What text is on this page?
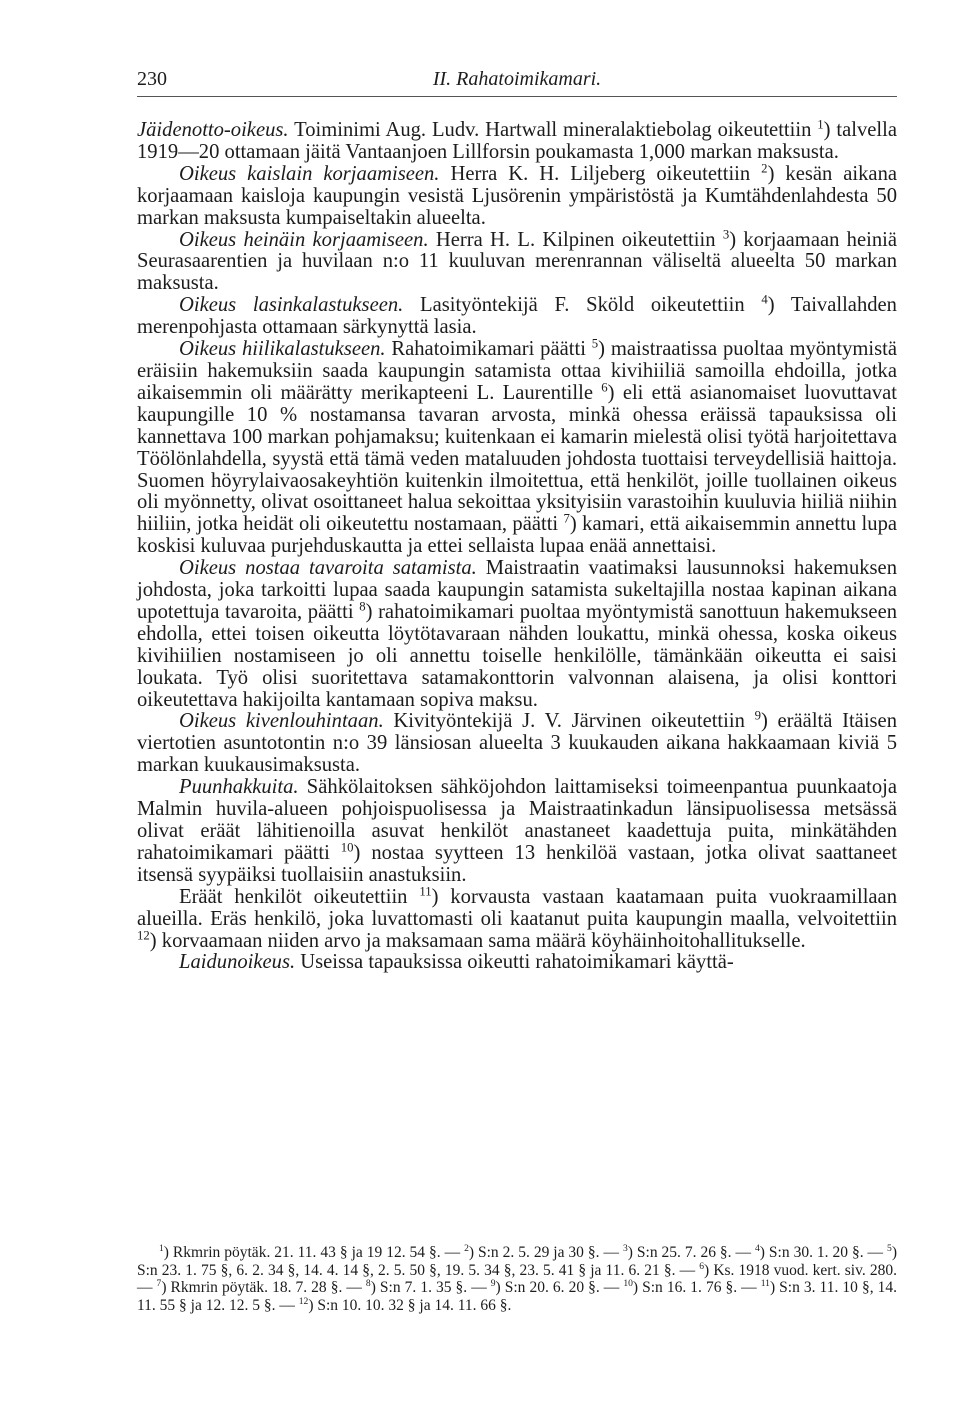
230	II. Rahatoimikamari.

Jäidenotto-oikeus. Toiminimi Aug. Ludv. Hartwall mineralaktiebolag oikeutettiin $^1$) talvella 1919—20 ottamaan jäitä Vantaanjoen Lillforsin poukamasta 1,000 markan maksusta.

Oikeus kaislain korjaamiseen. Herra K. H. Liljeberg oikeutettiin $^2$) kesän aikana korjaamaan kaisloja kaupungin vesistä Ljusörenin ympäristöstä ja Kumtähdenlahdesta 50 markan maksusta kumpaiseltakin alueelta.

Oikeus heinäin korjaamiseen. Herra H. L. Kilpinen oikeutettiin $^3$) korjaamaan heiniä Seurasaarentien ja huvilaan n:o 11 kuuluvan merenrannan väliseltä alueelta 50 markan maksusta.

Oikeus lasinkalastukseen. Lasityöntekijä F. Sköld oikeutettiin $^4$) Taivallahden merenpohjasta ottamaan särkynyttä lasia.

Oikeus hiilikalastukseen. Rahatoimikamari päätti $^5$) maistraatissa puoltaa myöntymistä eräisiin hakemuksiin saada kaupungin satamista ottaa kivihiiliä samoilla ehdoilla, jotka aikaisemmin oli määrätty merikapteeni L. Laurentille $^6$) eli että asianomaiset luovuttavat kaupungille 10 % nostamansa tavaran arvosta, minkä ohessa eräissä tapauksissa oli kannettava 100 markan pohjamaksu; kuitenkaan ei kamarin mielestä olisi työtä harjoitettava Töölönlahdella, syystä että tämä veden mataluuden johdosta tuottaisi terveydellisiä haittoja. Suomen höyrylaivaosakeyhtiön kuitenkin ilmoitettua, että henkilöt, joille tuollainen oikeus oli myönnetty, olivat osoittaneet halua sekoittaa yksityisiin varastoihin kuuluvia hiiliä niihin hiiliin, jotka heidät oli oikeutettu nostamaan, päätti $^7$) kamari, että aikaisemmin annettu lupa koskisi kuluvaa purjehduskautta ja ettei sellaista lupaa enää annettaisi.

Oikeus nostaa tavaroita satamista. Maistraatin vaatimaksi lausunnoksi hakemuksen johdosta, joka tarkoitti lupaa saada kaupungin satamista sukeltajilla nostaa kapinan aikana upotettuja tavaroita, päätti $^8$) rahatoimikamari puoltaa myöntymistä sanottuun hakemukseen ehdolla, ettei toisen oikeutta löytötavaraan nähden loukattu, minkä ohessa, koska oikeus kivihiilien nostamiseen jo oli annettu toiselle henkilölle, tämänkään oikeutta ei saisi loukata. Työ olisi suoritettava satamakonttorin valvonnan alaisena, ja olisi konttori oikeutettava hakijoilta kantamaan sopiva maksu.

Oikeus kivenlouhintaan. Kivityöntekijä J. V. Järvinen oikeutettiin $^9$) eräältä Itäisen viertotien asuntotontin n:o 39 länsiosan alueelta 3 kuukauden aikana hakkaamaan kiviä 5 markan kuukausimaksusta.

Puunhakkuita. Sähkölaitoksen sähköjohdon laittamiseksi toimeenpantua puunkaatoja Malmin huvila-alueen pohjoispuolisessa ja Maistraatinkadun länsipuolisessa metsässä olivat eräät lähitienoilla asuvat henkilöt anastaneet kaadettuja puita, minkätähden rahatoimikamari päätti $^{10}$) nostaa syytteen 13 henkilöä vastaan, jotka olivat saattaneet itsensä syypäiksi tuollaisiin anastuksiin.

Eräät henkilöt oikeutettiin $^{11}$) korvausta vastaan kaatamaan puita vuokraamillaan alueilla. Eräs henkilö, joka luvattomasti oli kaatanut puita kaupungin maalla, velvoitettiin $^{12}$) korvaamaan niiden arvo ja maksamaan sama määrä köyhäinhoitohallitukselle.

Laidunoikeus. Useissa tapauksissa oikeutti rahatoimikamari käyttä-

$^1$) Rkmrin pöytäk. 21. 11. 43 § ja 19 12. 54 §. — $^2$) S:n 2. 5. 29 ja 30 §. — $^3$) S:n 25. 7. 26 §. — $^4$) S:n 30. 1. 20 §. — $^5$) S:n 23. 1. 75 §, 6. 2. 34 §, 14. 4. 14 §, 2. 5. 50 §, 19. 5. 34 §, 23. 5. 41 § ja 11. 6. 21 §. — $^6$) Ks. 1918 vuod. kert. siv. 280. — $^7$) Rkmrin pöytäk. 18. 7. 28 §. — $^8$) S:n 7. 1. 35 §. — $^9$) S:n 20. 6. 20 §. — $^{10}$) S:n 16. 1. 76 §. — $^{11}$) S:n 3. 11. 10 §, 14. 11. 55 § ja 12. 12. 5 §. — $^{12}$) S:n 10. 10. 32 § ja 14. 11. 66 §.
